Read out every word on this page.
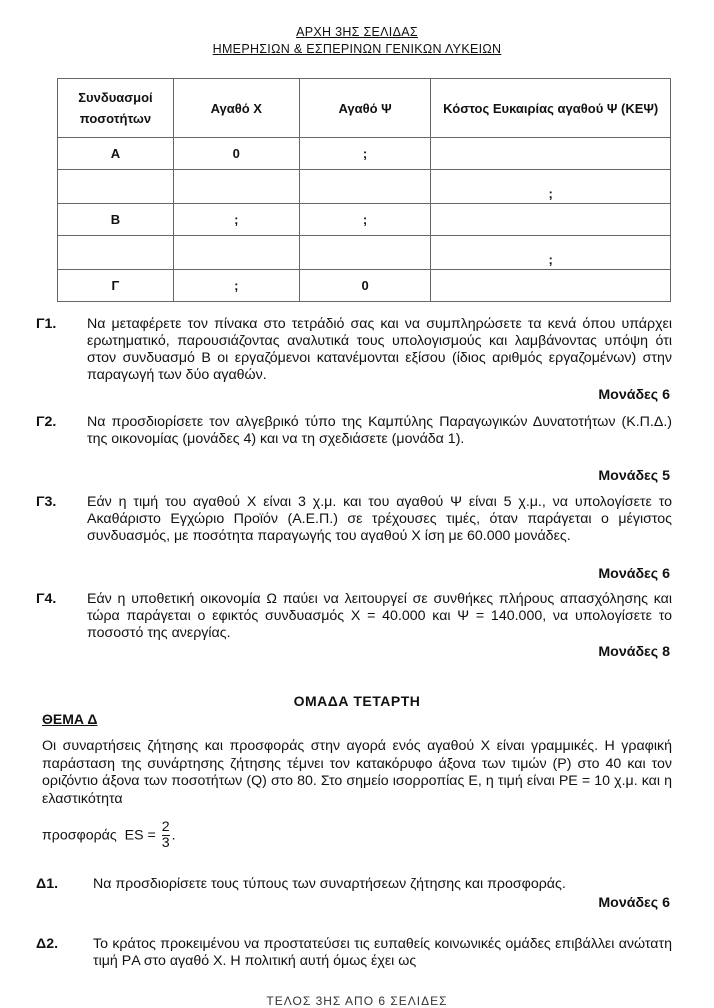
ΑΡΧΗ 3ΗΣ ΣΕΛΙΔΑΣ
ΗΜΕΡΗΣΙΩΝ & ΕΣΠΕΡΙΝΩΝ ΓΕΝΙΚΩΝ ΛΥΚΕΙΩΝ
Συνδυασμοί ποσοτήτων	Αγαθό Χ	Αγαθό Ψ	Κόστος Ευκαιρίας αγαθού Ψ (ΚΕΨ)
Α	0	;	
			;
Β	;	;	
			;
Γ	;	0	
Γ1. Να μεταφέρετε τον πίνακα στο τετράδιό σας και να συμπληρώσετε τα κενά όπου υπάρχει ερωτηματικό, παρουσιάζοντας αναλυτικά τους υπολογισμούς και λαμβάνοντας υπόψη ότι στον συνδυασμό Β οι εργαζόμενοι κατανέμονται εξίσου (ίδιος αριθμός εργαζομένων) στην παραγωγή των δύο αγαθών.
Μονάδες 6
Γ2. Να προσδιορίσετε τον αλγεβρικό τύπο της Καμπύλης Παραγωγικών Δυνατοτήτων (Κ.Π.Δ.) της οικονομίας (μονάδες 4) και να τη σχεδιάσετε (μονάδα 1).
Μονάδες 5
Γ3. Εάν η τιμή του αγαθού Χ είναι 3 χ.μ. και του αγαθού Ψ είναι 5 χ.μ., να υπολογίσετε το Ακαθάριστο Εγχώριο Προϊόν (Α.Ε.Π.) σε τρέχουσες τιμές, όταν παράγεται ο μέγιστος συνδυασμός, με ποσότητα παραγωγής του αγαθού Χ ίση με 60.000 μονάδες.
Μονάδες 6
Γ4. Εάν η υποθετική οικονομία Ω παύει να λειτουργεί σε συνθήκες πλήρους απασχόλησης και τώρα παράγεται ο εφικτός συνδυασμός Χ = 40.000 και Ψ = 140.000, να υπολογίσετε το ποσοστό της ανεργίας.
Μονάδες 8
ΟΜΑΔΑ ΤΕΤΑΡΤΗ
ΘΕΜΑ Δ
Οι συναρτήσεις ζήτησης και προσφοράς στην αγορά ενός αγαθού Χ είναι γραμμικές. Η γραφική παράσταση της συνάρτησης ζήτησης τέμνει τον κατακόρυφο άξονα των τιμών (P) στο 40 και τον οριζόντιο άξονα των ποσοτήτων (Q) στο 80. Στο σημείο ισορροπίας Ε, η τιμή είναι PΕ = 10 χ.μ. και η ελαστικότητα
προσφοράς ES = $\frac{2}{3}$ .
Δ1. Να προσδιορίσετε τους τύπους των συναρτήσεων ζήτησης και προσφοράς.
Μονάδες 6
Δ2. Το κράτος προκειμένου να προστατεύσει τις ευπαθείς κοινωνικές ομάδες επιβάλλει ανώτατη τιμή PΑ στο αγαθό Χ. Η πολιτική αυτή όμως έχει ως
ΤΕΛΟΣ 3ΗΣ ΑΠΟ 6 ΣΕΛΙΔΕΣ
